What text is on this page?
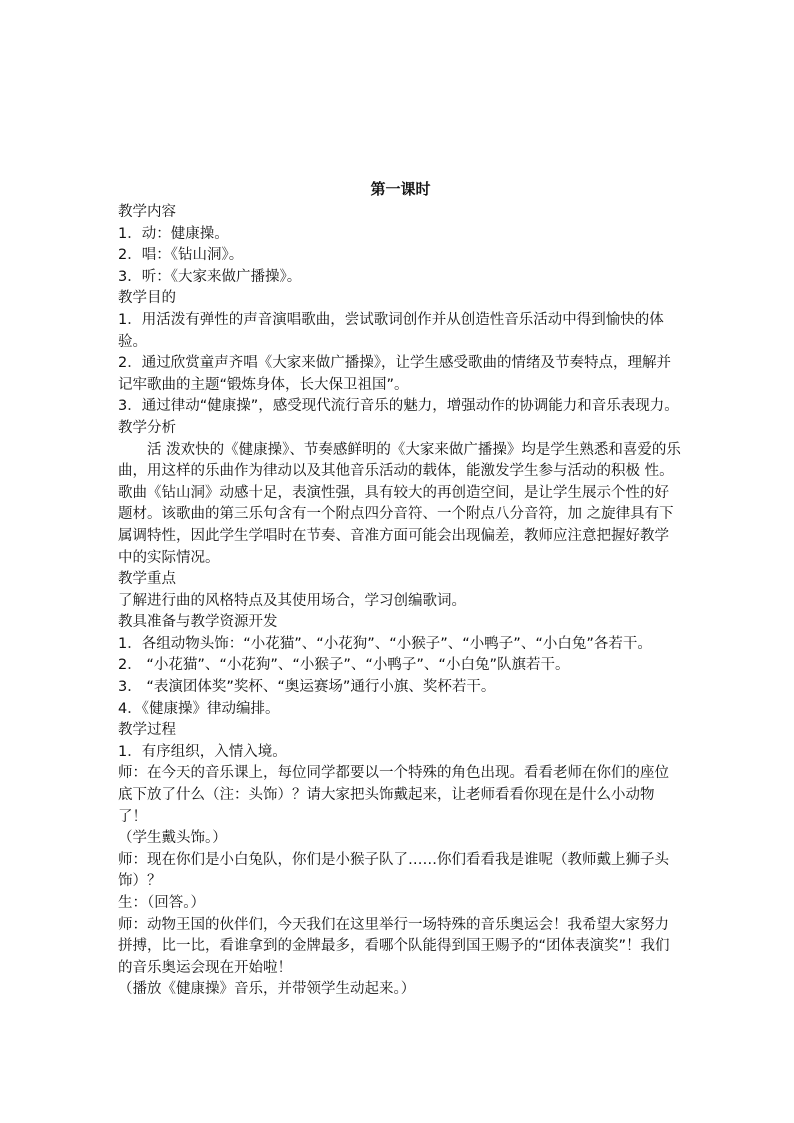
第一课时

教学内容

1．动：健康操。

2．唱：《钻山洞》。

3．听：《大家来做广播操》。

教学目的

1．用活泼有弹性的声音演唱歌曲，尝试歌词创作并从创造性音乐活动中得到愉快的体验。

2．通过欣赏童声齐唱《大家来做广播操》，让学生感受歌曲的情绪及节奏特点，理解并记牢歌曲的主题“锻炼身体，长大保卫祖国”。

3．通过律动“健康操”，感受现代流行音乐的魅力，增强动作的协调能力和音乐表现力。

教学分析

活 泼欢快的《健康操》、节奏感鲜明的《大家来做广播操》均是学生熟悉和喜爱的乐曲，用这样的乐曲作为律动以及其他音乐活动的载体，能激发学生参与活动的积极 性。歌曲《钻山洞》动感十足，表演性强，具有较大的再创造空间，是让学生展示个性的好题材。该歌曲的第三乐句含有一个附点四分音符、一个附点八分音符，加 之旋律具有下属调特性，因此学生学唱时在节奏、音准方面可能会出现偏差，教师应注意把握好教学中的实际情况。

教学重点

了解进行曲的风格特点及其使用场合，学习创编歌词。

教具准备与教学资源开发

1．各组动物头饰：“小花猫”、“小花狗”、“小猴子”、“小鸭子”、“小白兔”各若干。

2． “小花猫”、“小花狗”、“小猴子”、“小鸭子”、“小白兔”队旗若干。

3． “表演团体奖”奖杯、“奥运赛场”通行小旗、奖杯若干。

4．《健康操》律动编排。

教学过程

1．有序组织，入情入境。

师：在今天的音乐课上，每位同学都要以一个特殊的角色出现。看看老师在你们的座位底下放了什么（注：头饰）？请大家把头饰戴起来，让老师看看你现在是什么小动物了！

（学生戴头饰。）

师：现在你们是小白兔队，你们是小猴子队了……你们看看我是谁呢（教师戴上狮子头饰）？

生：（回答。）

师：动物王国的伙伴们，今天我们在这里举行一场特殊的音乐奥运会！我希望大家努力拼搏，比一比，看谁拿到的金牌最多，看哪个队能得到国王赐予的“团体表演奖”！我们的音乐奥运会现在开始啦！

（播放《健康操》音乐，并带领学生动起来。）
